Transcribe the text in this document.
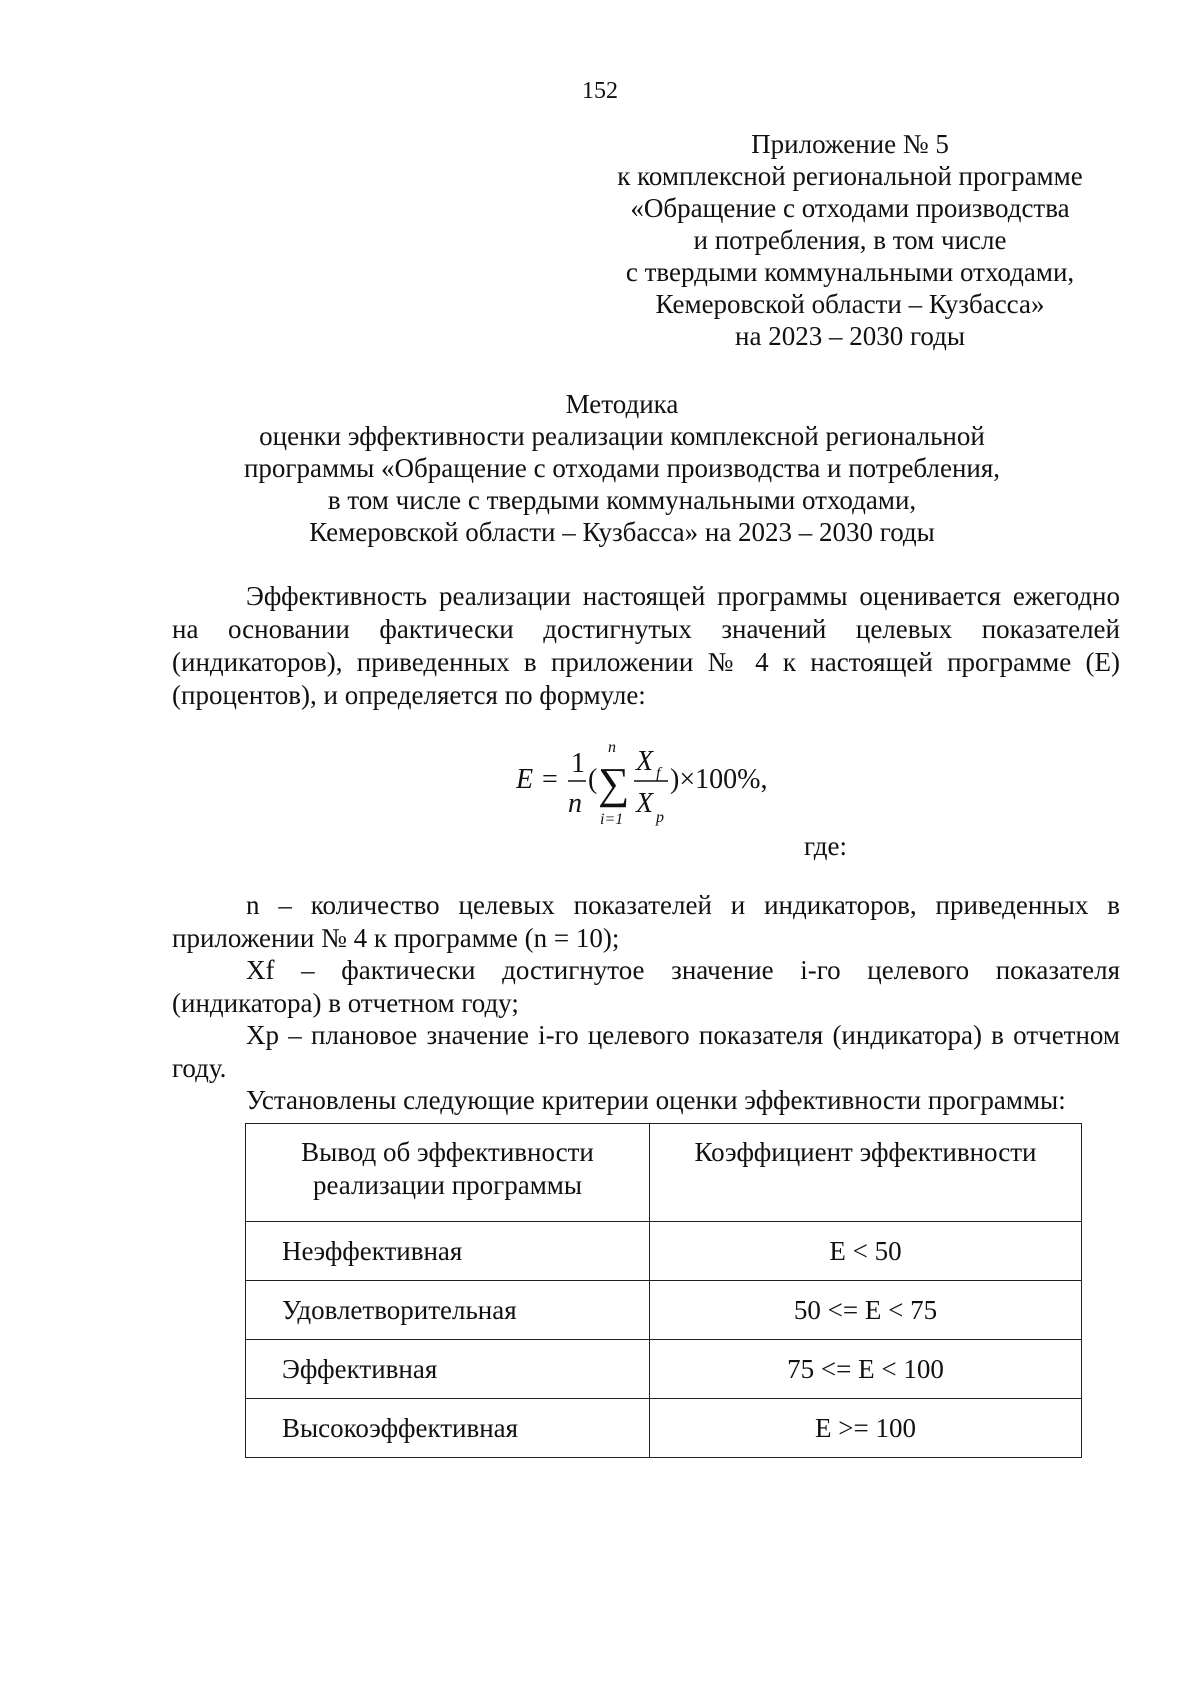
152
Приложение № 5
к комплексной региональной программе
«Обращение с отходами производства
и потребления, в том числе
с твердыми коммунальными отходами,
Кемеровской области – Кузбасса»
на 2023 – 2030 годы
Методика
оценки эффективности реализации комплексной региональной
программы «Обращение с отходами производства и потребления,
в том числе с твердыми коммунальными отходами,
Кемеровской области – Кузбасса» на 2023 – 2030 годы
Эффективность реализации настоящей программы оценивается ежегодно на основании фактически достигнутых значений целевых показателей (индикаторов), приведенных в приложении № 4 к настоящей программе (E) (процентов), и определяется по формуле:
E =
1
n
(
n
∑
i=1
X f
X p
)×100%,
где:
n – количество целевых показателей и индикаторов, приведенных в приложении № 4 к программе (n = 10);
Xf – фактически достигнутое значение i-го целевого показателя (индикатора) в отчетном году;
Xp – плановое значение i-го целевого показателя (индикатора) в отчетном году.
Установлены следующие критерии оценки эффективности программы:
Вывод об эффективности реализации программы	Коэффициент эффективности
Неэффективная	E < 50
Удовлетворительная	50 <= E < 75
Эффективная	75 <= E < 100
Высокоэффективная	E >= 100
